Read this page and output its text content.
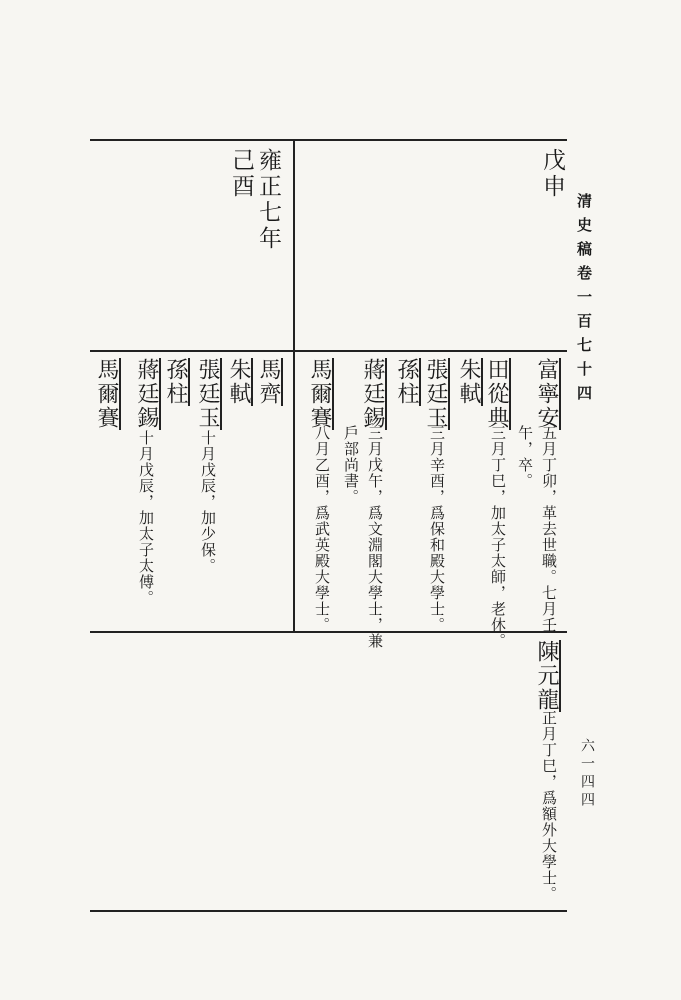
清史稿卷一百七十四
六一四四
戊申
雍正七年
己酉
富寧安
五月丁卯，革去世職。七月壬
午，卒。
田從典
三月丁巳，加太子太師，老休。
朱軾
張廷玉
三月辛酉，爲保和殿大學士。
孫柱
蔣廷錫
三月戊午，爲文淵閣大學士，兼
戶部尚書。
馬爾賽
八月乙酉，爲武英殿大學士。
馬齊
朱軾
張廷玉
十月戊辰，加少保。
孫柱
蔣廷錫
十月戊辰，加太子太傅。
馬爾賽
陳元龍
正月丁巳，爲額外大學士。
